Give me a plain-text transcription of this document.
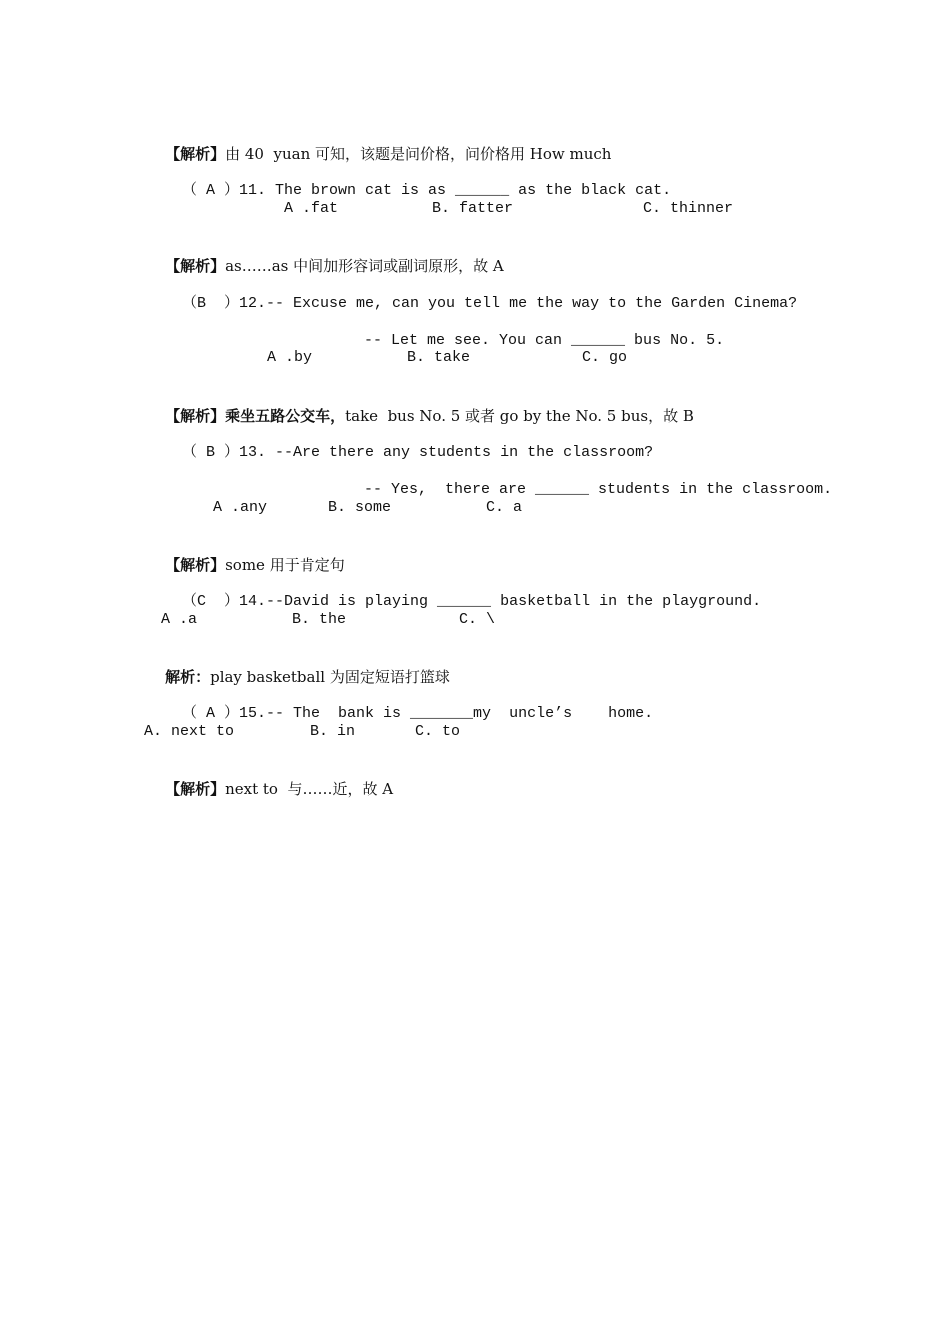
【解析】由 40  yuan 可知，该题是问价格，问价格用 How much

（ A ）11. The brown cat is as ______ as the black cat.

A .fat

	B. fatter

	C. thinner

【解析】as……as 中间加形容词或副词原形，故 A

（B  ）12.-- Excuse me, can you tell me the way to the Garden Cinema?

-- Let me see. You can ______ bus No. 5.

A .by

	B. take

	C. go

【解析】乘坐五路公交车，take  bus No. 5 或者 go by the No. 5 bus，故 B

（ B ）13. --Are there any students in the classroom?

-- Yes,  there are ______ students in the classroom.

A .any

	B. some

	C. a

【解析】some 用于肯定句

（C  ）14.--David is playing ______ basketball in the playground.

A .a

	B. the

	C. \

解析：play basketball 为固定短语打篮球

（ A ）15.-- The  bank is _______my  uncle’s    home.

A. next to

	B. in

	C. to

【解析】next to  与……近，故 A
